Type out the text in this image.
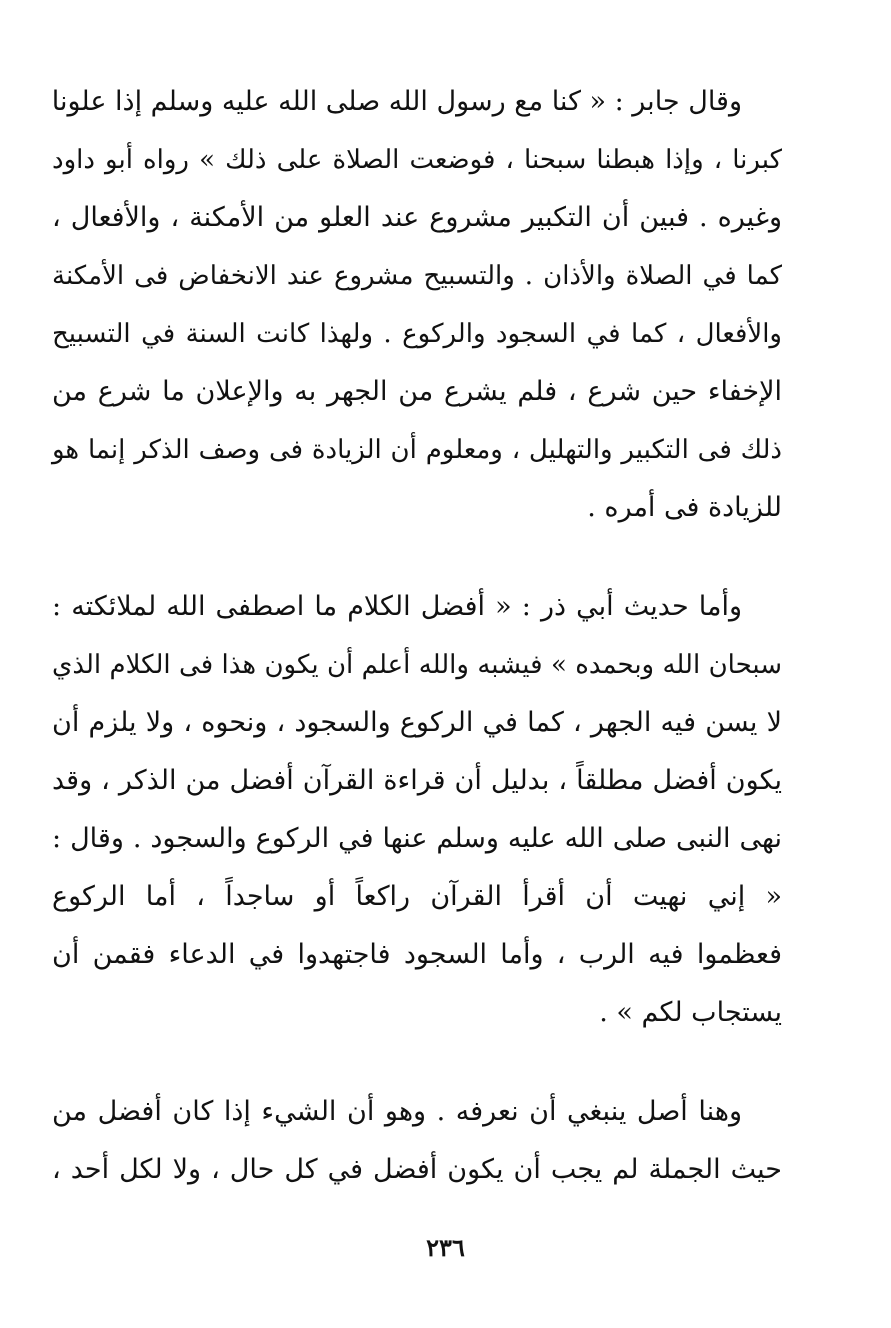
وقال جابر : « كنا مع رسول الله صلى الله عليه وسلم إذا علونا
كبرنا ، وإذا هبطنا سبحنا ، فوضعت الصلاة على ذلك » رواه أبو داود
وغيره . فبين أن التكبير مشروع عند العلو من الأمكنة ، والأفعال ،
كما في الصلاة والأذان . والتسبيح مشروع عند الانخفاض فى الأمكنة
والأفعال ، كما في السجود والركوع . ولهذا كانت السنة في التسبيح
الإخفاء حين شرع ، فلم يشرع من الجهر به والإعلان ما شرع من
ذلك فى التكبير والتهليل ، ومعلوم أن الزيادة فى وصف الذكر إنما هو
للزيادة فى أمره .
وأما حديث أبي ذر : « أفضل الكلام ما اصطفى الله لملائكته :
سبحان الله وبحمده » فيشبه والله أعلم أن يكون هذا فى الكلام الذي
لا يسن فيه الجهر ، كما في الركوع والسجود ، ونحوه ، ولا يلزم أن
يكون أفضل مطلقاً ، بدليل أن قراءة القرآن أفضل من الذكر ، وقد
نهى النبى صلى الله عليه وسلم عنها في الركوع والسجود . وقال :
« إني نهيت أن أقرأ القرآن راكعاً أو ساجداً ، أما الركوع
فعظموا فيه الرب ، وأما السجود فاجتهدوا في الدعاء فقمن أن
يستجاب لكم » .
وهنا أصل ينبغي أن نعرفه . وهو أن الشيء إذا كان أفضل من
حيث الجملة لم يجب أن يكون أفضل في كل حال ، ولا لكل أحد ،
٢٣٦
